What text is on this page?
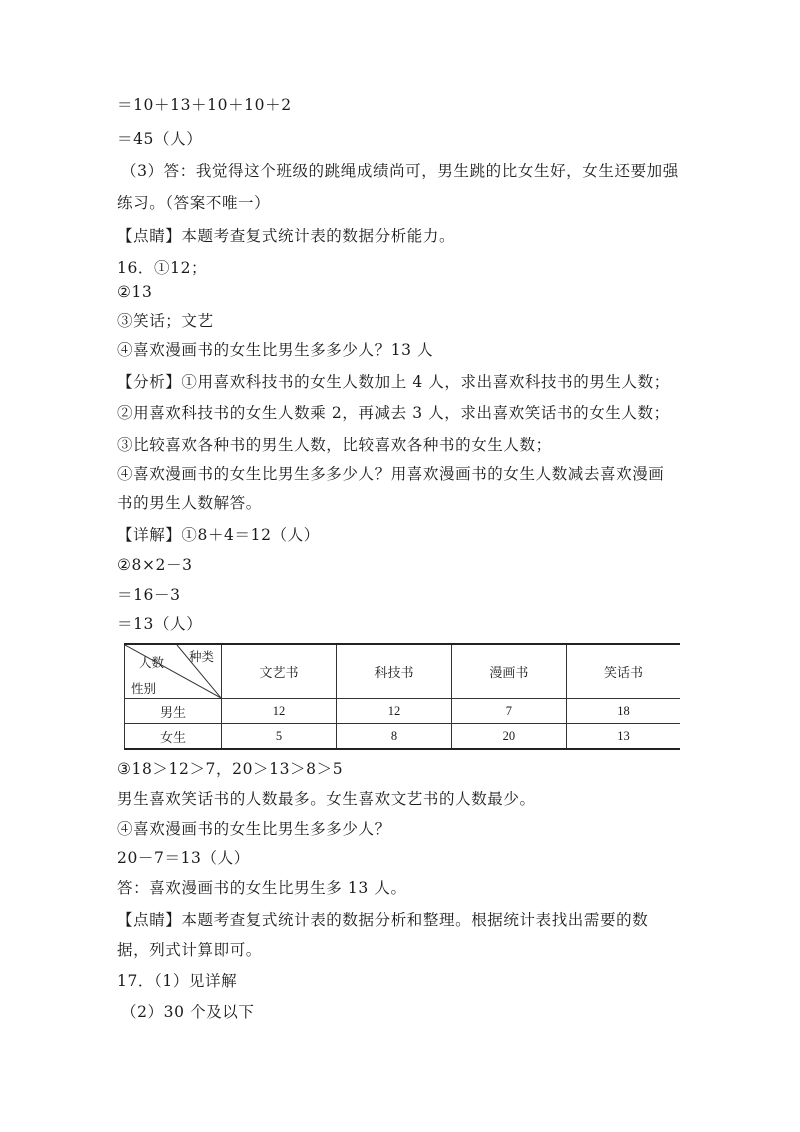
＝10＋13＋10＋10＋2
＝45（人）
（3）答：我觉得这个班级的跳绳成绩尚可，男生跳的比女生好，女生还要加强
练习。（答案不唯一）
【点睛】本题考查复式统计表的数据分析能力。
16．①12；
②13
③笑话；文艺
④喜欢漫画书的女生比男生多多少人？13 人
【分析】①用喜欢科技书的女生人数加上 4 人，求出喜欢科技书的男生人数；
②用喜欢科技书的女生人数乘 2，再减去 3 人，求出喜欢笑话书的女生人数；
③比较喜欢各种书的男生人数，比较喜欢各种书的女生人数；
④喜欢漫画书的女生比男生多多少人？用喜欢漫画书的女生人数减去喜欢漫画
书的男生人数解答。
【详解】①8＋4＝12（人）
②8×2－3
＝16－3
＝13（人）
人数 种类
性别	文艺书	科技书	漫画书	笑话书
男生	12	12	7	18
女生	5	8	20	13
③18＞12＞7，20＞13＞8＞5
男生喜欢笑话书的人数最多。女生喜欢文艺书的人数最少。
④喜欢漫画书的女生比男生多多少人？
20－7＝13（人）
答：喜欢漫画书的女生比男生多 13 人。
【点睛】本题考查复式统计表的数据分析和整理。根据统计表找出需要的数
据，列式计算即可。
17．（1）见详解
（2）30 个及以下
